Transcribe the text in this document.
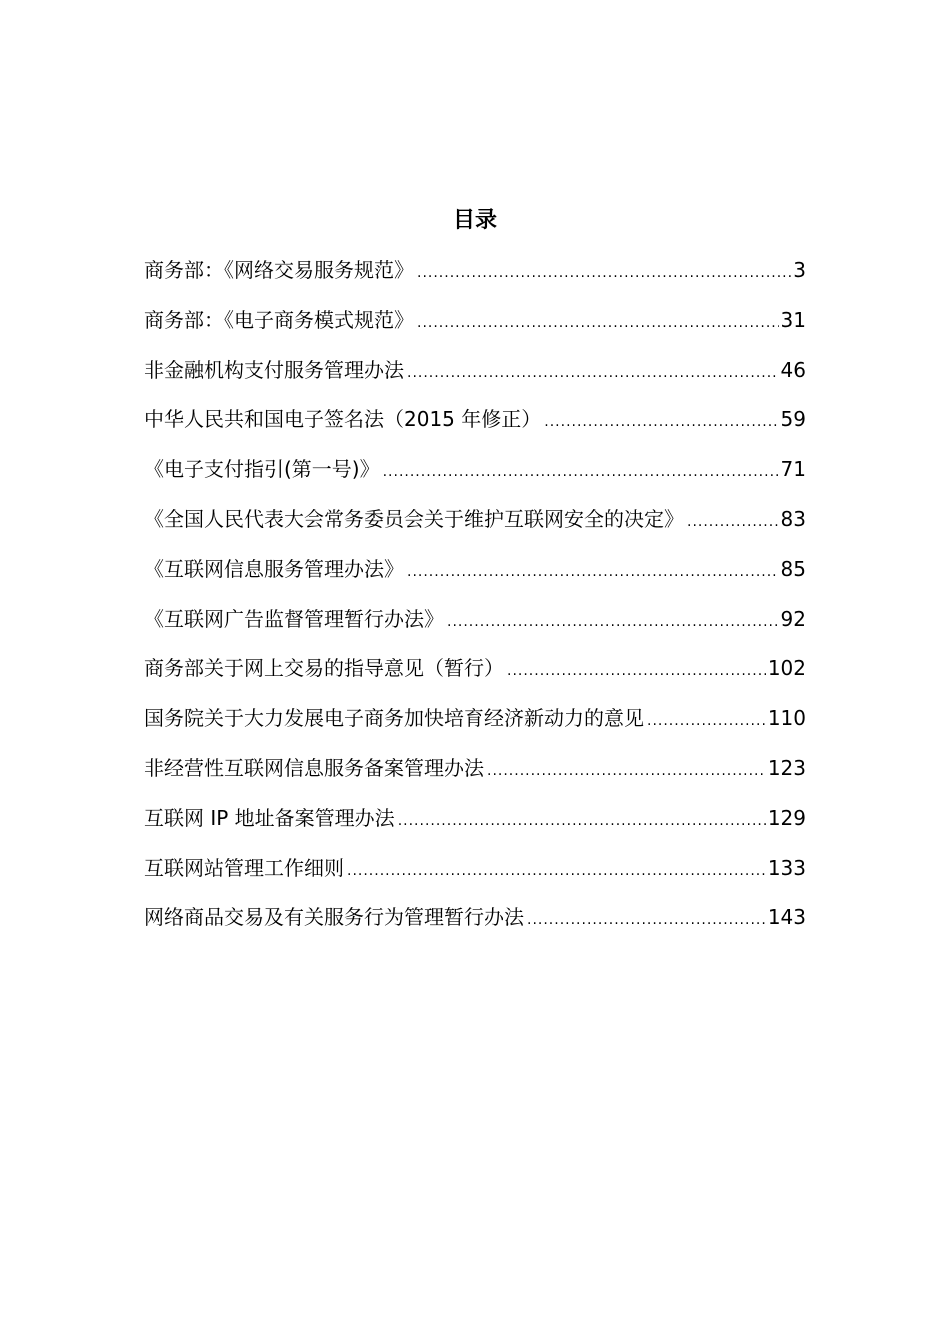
目录
商务部：《网络交易服务规范》 .....	3
商务部：《电子商务模式规范》 .....	31
非金融机构支付服务管理办法 .....	46
中华人民共和国电子签名法（2015 年修正） .....	59
《电子支付指引(第一号)》 .....	71
《全国人民代表大会常务委员会关于维护互联网安全的决定》 .....	83
《互联网信息服务管理办法》 .....	85
《互联网广告监督管理暂行办法》 .....	92
商务部关于网上交易的指导意见（暂行） .....	102
国务院关于大力发展电子商务加快培育经济新动力的意见 .....	110
非经营性互联网信息服务备案管理办法 .....	123
互联网 IP 地址备案管理办法 .....	129
互联网站管理工作细则 .....	133
网络商品交易及有关服务行为管理暂行办法 .....	143
